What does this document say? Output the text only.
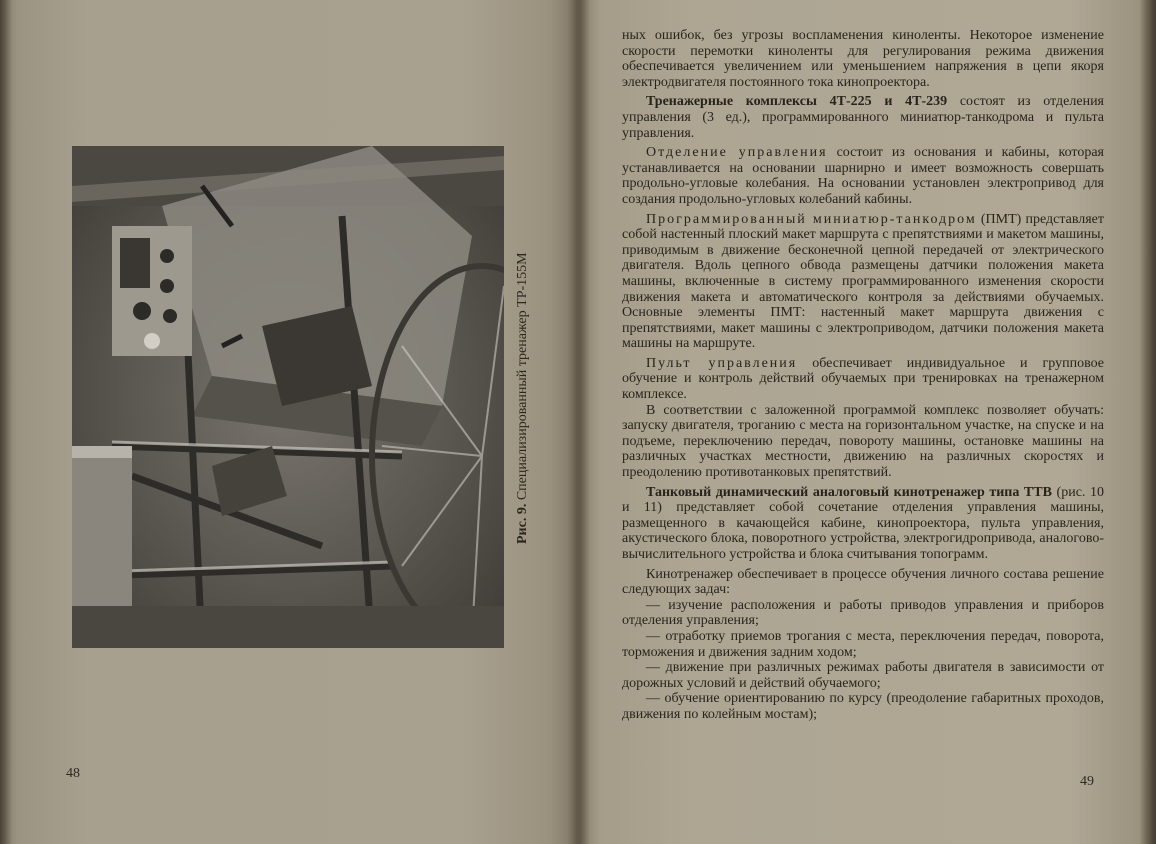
Рис. 9. Специализированный тренажер ТР-155М
48
49

ных ошибок, без угрозы воспламенения киноленты. Некоторое изменение скорости перемотки киноленты для регулирования режима движения обеспечивается увеличением или уменьшением напряжения в цепи якоря электродвигателя постоянного тока кинопроектора.

Тренажерные комплексы 4Т-225 и 4Т-239 состоят из отделения управления (3 ед.), программированного миниатюр-танкодрома и пульта управления.

Отделение управления состоит из основания и кабины, которая устанавливается на основании шарнирно и имеет возможность совершать продольно-угловые колебания. На основании установлен электропривод для создания продольно-угловых колебаний кабины.

Программированный миниатюр-танкодром (ПМТ) представляет собой настенный плоский макет маршрута с препятствиями и макетом машины, приводимым в движение бесконечной цепной передачей от электрического двигателя. Вдоль цепного обвода размещены датчики положения макета машины, включенные в систему программированного изменения скорости движения макета и автоматического контроля за действиями обучаемых. Основные элементы ПМТ: настенный макет маршрута движения с препятствиями, макет машины с электроприводом, датчики положения макета машины на маршруте.

Пульт управления обеспечивает индивидуальное и групповое обучение и контроль действий обучаемых при тренировках на тренажерном комплексе.

В соответствии с заложенной программой комплекс позволяет обучать: запуску двигателя, троганию с места на горизонтальном участке, на спуске и на подъеме, переключению передач, повороту машины, остановке машины на различных участках местности, движению на различных скоростях и преодолению противотанковых препятствий.

Танковый динамический аналоговый кинотренажер типа ТТВ (рис. 10 и 11) представляет собой сочетание отделения управления машины, размещенного в качающейся кабине, кинопроектора, пульта управления, акустического блока, поворотного устройства, электрогидропривода, аналогово-вычислительного устройства и блока считывания топограмм.

Кинотренажер обеспечивает в процессе обучения личного состава решение следующих задач:

— изучение расположения и работы приводов управления и приборов отделения управления;

— отработку приемов трогания с места, переключения передач, поворота, торможения и движения задним ходом;

— движение при различных режимах работы двигателя в зависимости от дорожных условий и действий обучаемого;

— обучение ориентированию по курсу (преодоление габаритных проходов, движения по колейным мостам);
